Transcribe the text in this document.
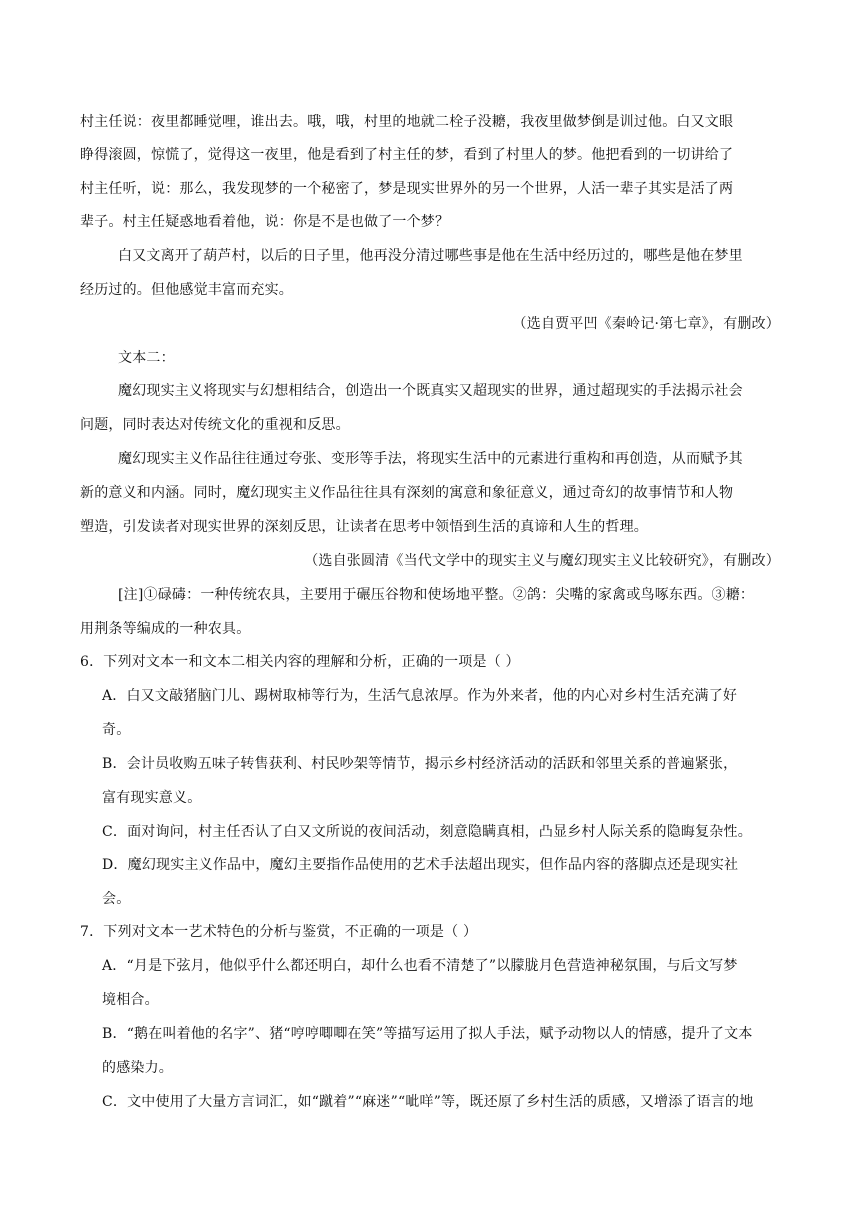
村主任说：夜里都睡觉哩，谁出去。哦，哦，村里的地就二栓子没耱，我夜里做梦倒是训过他。白又文眼
睁得滚圆，惊慌了，觉得这一夜里，他是看到了村主任的梦，看到了村里人的梦。他把看到的一切讲给了
村主任听，说：那么，我发现梦的一个秘密了，梦是现实世界外的另一个世界，人活一辈子其实是活了两
辈子。村主任疑惑地看着他，说：你是不是也做了一个梦？
白又文离开了葫芦村，以后的日子里，他再没分清过哪些事是他在生活中经历过的，哪些是他在梦里
经历过的。但他感觉丰富而充实。
（选自贾平凹《秦岭记·第七章》，有删改）
文本二：
魔幻现实主义将现实与幻想相结合，创造出一个既真实又超现实的世界，通过超现实的手法揭示社会
问题，同时表达对传统文化的重视和反思。
魔幻现实主义作品往往通过夸张、变形等手法，将现实生活中的元素进行重构和再创造，从而赋予其
新的意义和内涵。同时，魔幻现实主义作品往往具有深刻的寓意和象征意义，通过奇幻的故事情节和人物
塑造，引发读者对现实世界的深刻反思，让读者在思考中领悟到生活的真谛和人生的哲理。
（选自张圆清《当代文学中的现实主义与魔幻现实主义比较研究》，有删改）
[注]①碌碡：一种传统农具，主要用于碾压谷物和使场地平整。②鸽：尖嘴的家禽或鸟啄东西。③耱：
用荆条等编成的一种农具。
6．下列对文本一和文本二相关内容的理解和分析，正确的一项是（ ）
A．白又文敲猪脑门儿、踢树取柿等行为，生活气息浓厚。作为外来者，他的内心对乡村生活充满了好
奇。
B．会计员收购五味子转售获利、村民吵架等情节，揭示乡村经济活动的活跃和邻里关系的普遍紧张，
富有现实意义。
C．面对询问，村主任否认了白又文所说的夜间活动，刻意隐瞒真相，凸显乡村人际关系的隐晦复杂性。
D．魔幻现实主义作品中，魔幻主要指作品使用的艺术手法超出现实，但作品内容的落脚点还是现实社
会。
7．下列对文本一艺术特色的分析与鉴赏，不正确的一项是（ ）
A．“月是下弦月，他似乎什么都还明白，却什么也看不清楚了”以朦胧月色营造神秘氛围，与后文写梦
境相合。
B．“鹅在叫着他的名字”、猪“哼哼唧唧在笑”等描写运用了拟人手法，赋予动物以人的情感，提升了文本
的感染力。
C．文中使用了大量方言词汇，如“蹴着”“麻迷”“呲咩”等，既还原了乡村生活的质感，又增添了语言的地
